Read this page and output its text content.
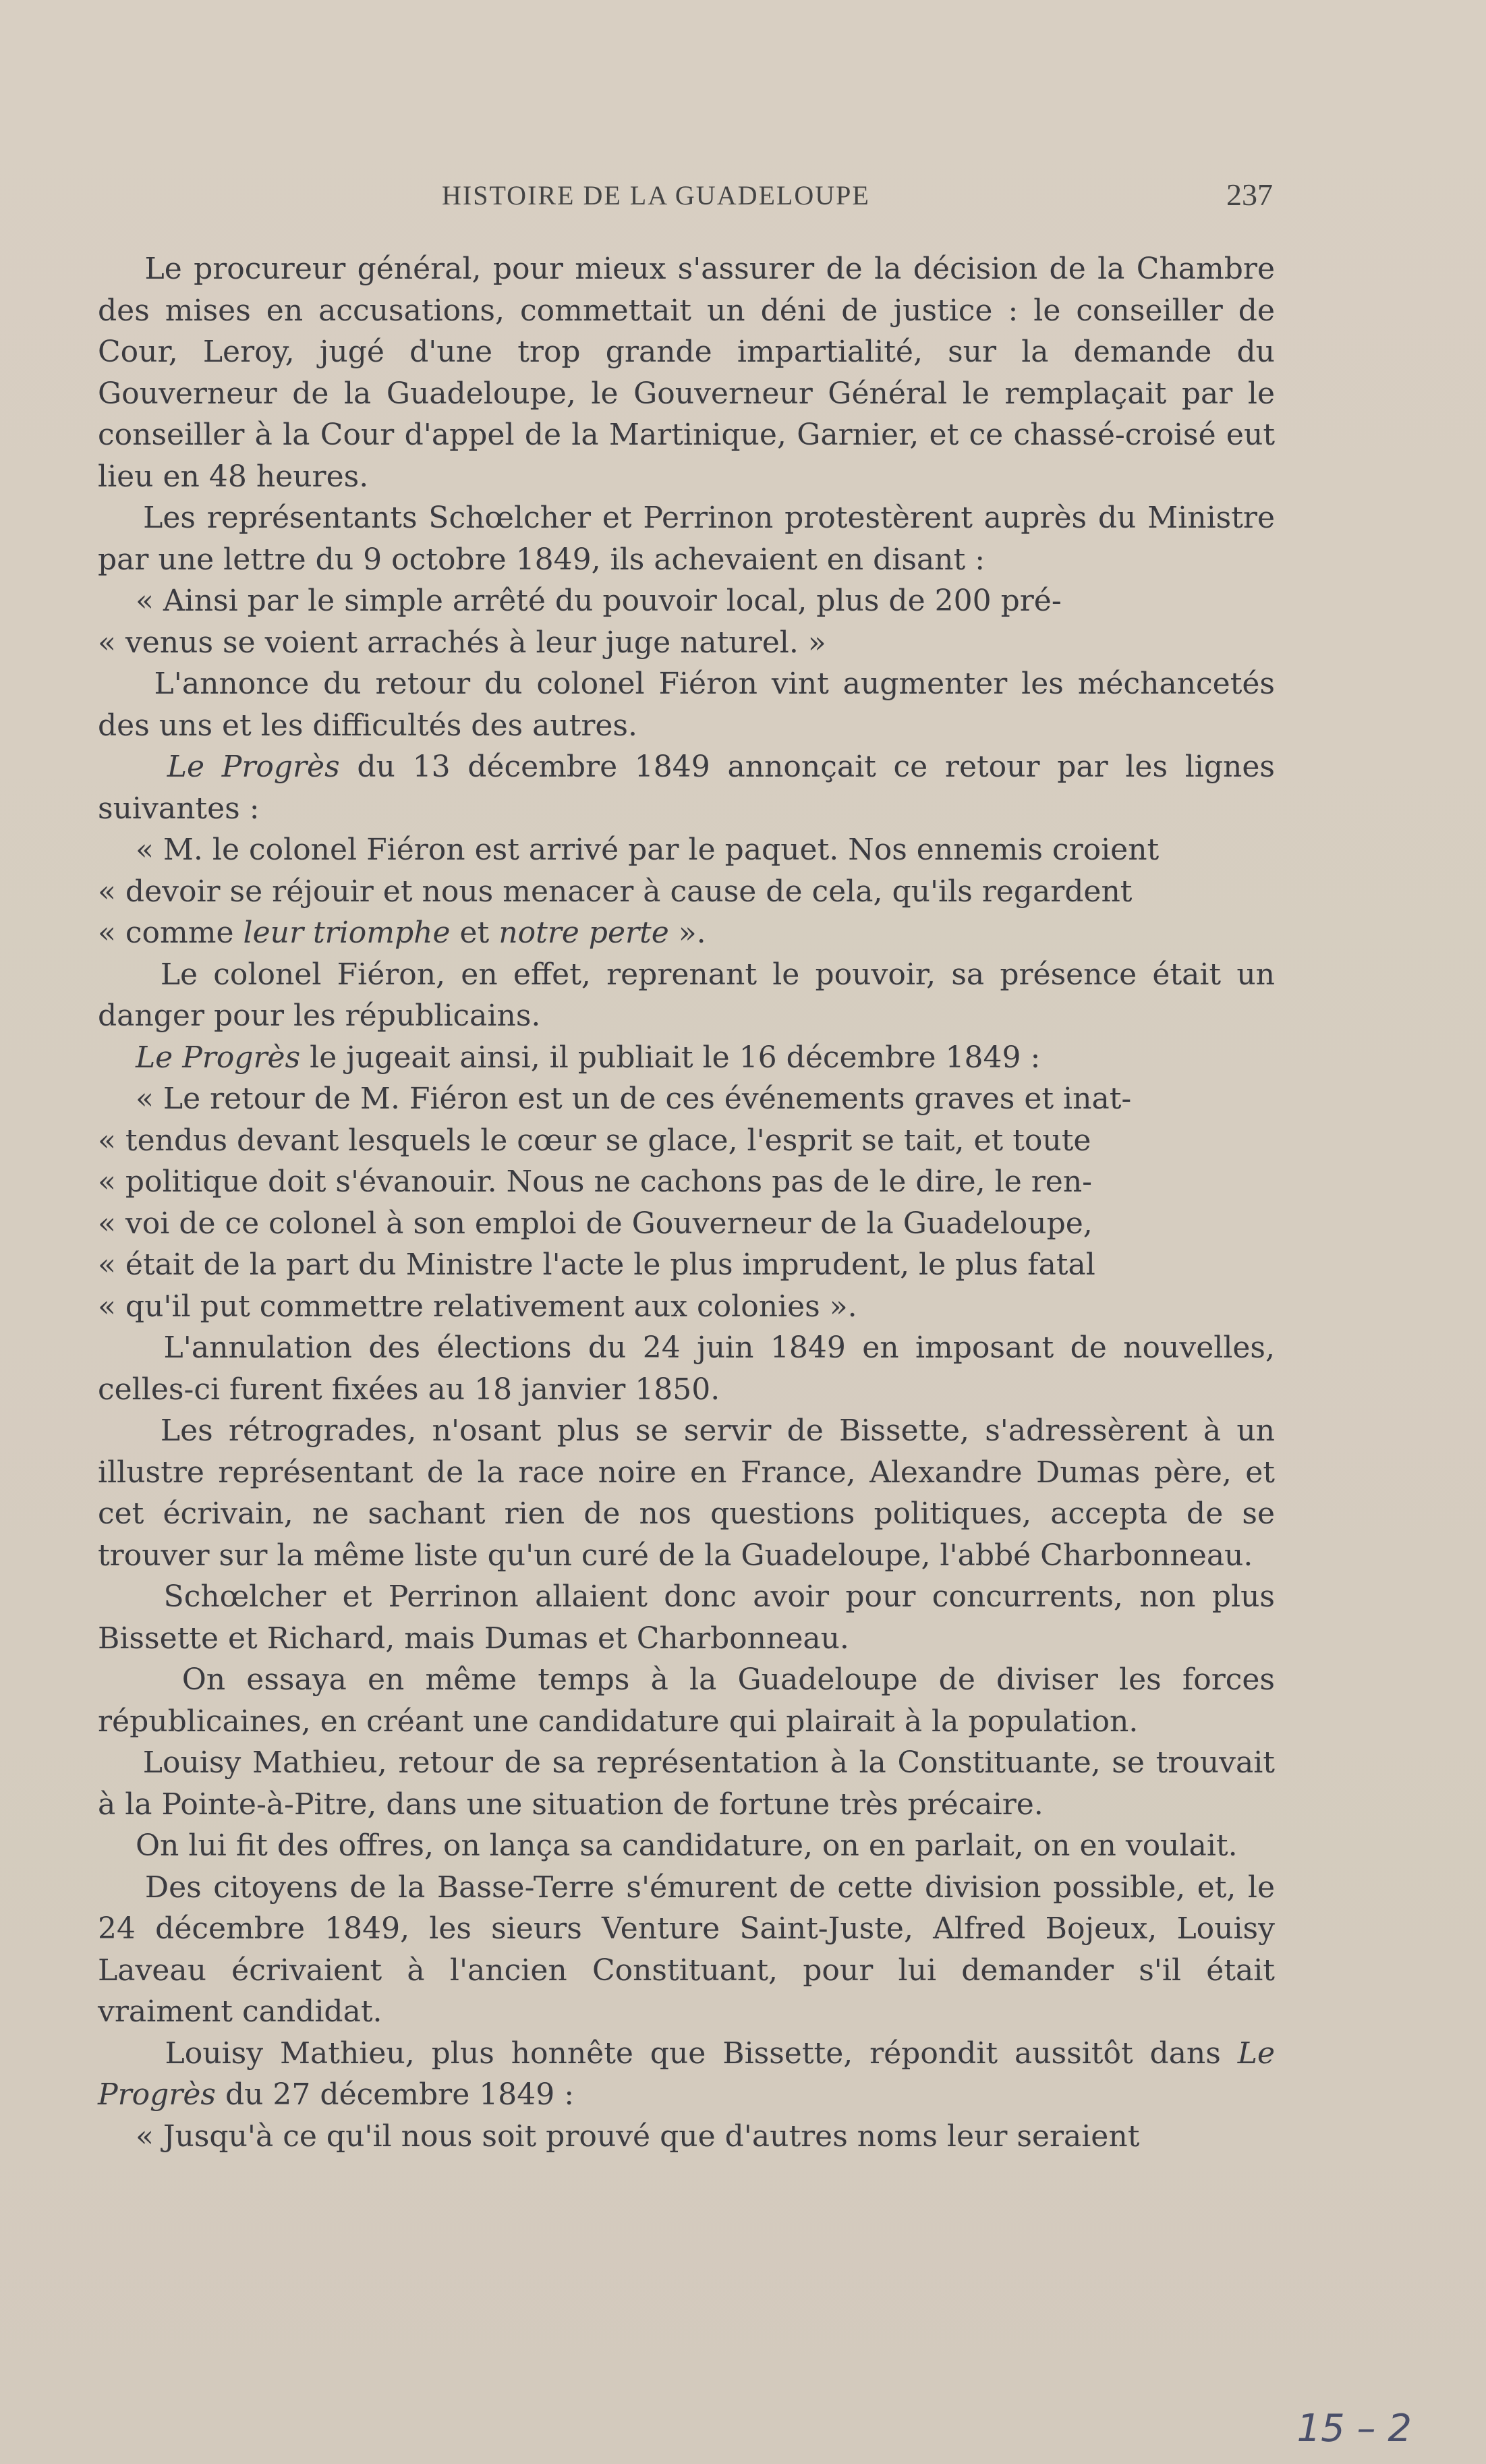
HISTOIRE DE LA GUADELOUPE	237

Le procureur général, pour mieux s'assurer de la décision de la Chambre des mises en accusations, commettait un déni de justice : le conseiller de Cour, Leroy, jugé d'une trop grande impartialité, sur la demande du Gouverneur de la Guadeloupe, le Gouverneur Général le remplaçait par le conseiller à la Cour d'appel de la Martinique, Garnier, et ce chassé-croisé eut lieu en 48 heures.

Les représentants Schœlcher et Perrinon protestèrent auprès du Ministre par une lettre du 9 octobre 1849, ils achevaient en disant :

« Ainsi par le simple arrêté du pouvoir local, plus de 200 pré-

« venus se voient arrachés à leur juge naturel. »

L'annonce du retour du colonel Fiéron vint augmenter les méchancetés des uns et les difficultés des autres.

Le Progrès du 13 décembre 1849 annonçait ce retour par les lignes suivantes :

« M. le colonel Fiéron est arrivé par le paquet. Nos ennemis croient

« devoir se réjouir et nous menacer à cause de cela, qu'ils regardent

« comme leur triomphe et notre perte ».

Le colonel Fiéron, en effet, reprenant le pouvoir, sa présence était un danger pour les républicains.

Le Progrès le jugeait ainsi, il publiait le 16 décembre 1849 :

« Le retour de M. Fiéron est un de ces événements graves et inat-

« tendus devant lesquels le cœur se glace, l'esprit se tait, et toute

« politique doit s'évanouir. Nous ne cachons pas de le dire, le ren-

« voi de ce colonel à son emploi de Gouverneur de la Guadeloupe,

« était de la part du Ministre l'acte le plus imprudent, le plus fatal

« qu'il put commettre relativement aux colonies ».

L'annulation des élections du 24 juin 1849 en imposant de nouvelles, celles-ci furent fixées au 18 janvier 1850.

Les rétrogrades, n'osant plus se servir de Bissette, s'adressèrent à un illustre représentant de la race noire en France, Alexandre Dumas père, et cet écrivain, ne sachant rien de nos questions politiques, accepta de se trouver sur la même liste qu'un curé de la Guadeloupe, l'abbé Charbonneau.

Schœlcher et Perrinon allaient donc avoir pour concurrents, non plus Bissette et Richard, mais Dumas et Charbonneau.

On essaya en même temps à la Guadeloupe de diviser les forces républicaines, en créant une candidature qui plairait à la population.

Louisy Mathieu, retour de sa représentation à la Constituante, se trouvait à la Pointe-à-Pitre, dans une situation de fortune très précaire.

On lui fit des offres, on lança sa candidature, on en parlait, on en voulait.

Des citoyens de la Basse-Terre s'émurent de cette division possible, et, le 24 décembre 1849, les sieurs Venture Saint-Juste, Alfred Bojeux, Louisy Laveau écrivaient à l'ancien Constituant, pour lui demander s'il était vraiment candidat.

Louisy Mathieu, plus honnête que Bissette, répondit aussitôt dans Le Progrès du 27 décembre 1849 :

« Jusqu'à ce qu'il nous soit prouvé que d'autres noms leur seraient

15 – 2
